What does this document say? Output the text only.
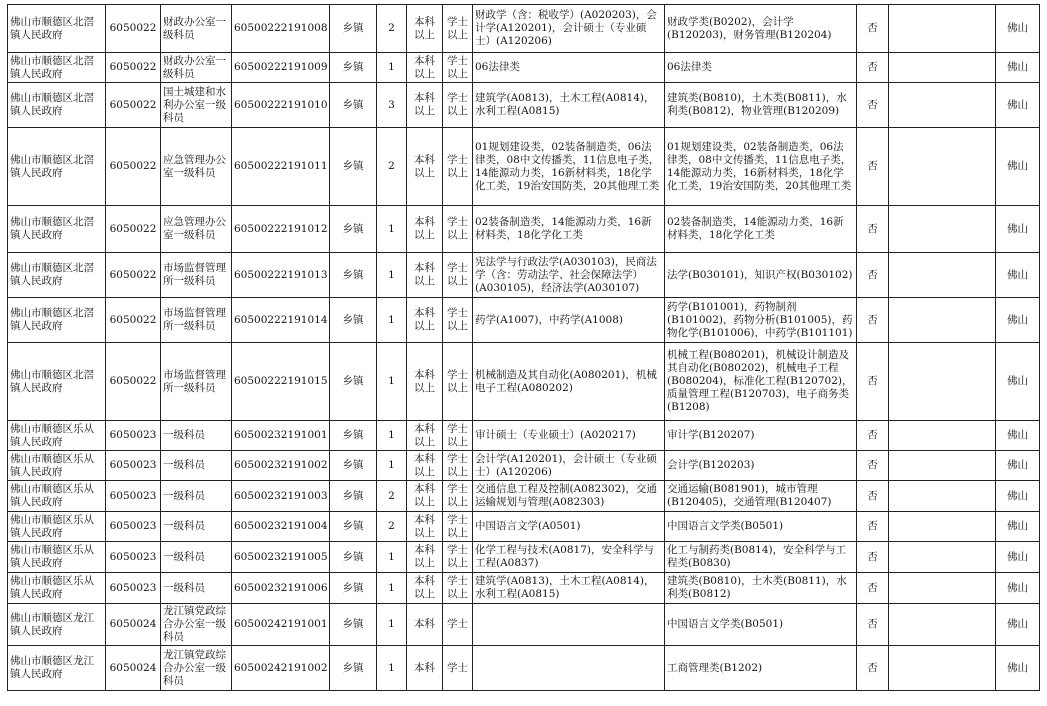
佛山市顺德区北滘镇人民政府	6050022	财政办公室一级科员	60500222191008	乡镇	2	本科以上	学士以上	财政学（含：税收学）(A020203)，会计学(A120201)，会计硕士（专业硕士）(A120206)	财政学类(B0202)，会计学(B120203)，财务管理(B120204)	否		佛山
佛山市顺德区北滘镇人民政府	6050022	财政办公室一级科员	60500222191009	乡镇	1	本科以上	学士以上	06法律类	06法律类	否		佛山
佛山市顺德区北滘镇人民政府	6050022	国土城建和水利办公室一级科员	60500222191010	乡镇	3	本科以上	学士以上	建筑学(A0813)，土木工程(A0814)，水利工程(A0815)	建筑类(B0810)，土木类(B0811)，水利类(B0812)，物业管理(B120209)	否		佛山
佛山市顺德区北滘镇人民政府	6050022	应急管理办公室一级科员	60500222191011	乡镇	2	本科以上	学士以上	01规划建设类，02装备制造类，06法律类，08中文传播类，11信息电子类，14能源动力类，16新材料类，18化学化工类，19治安国防类，20其他理工类	01规划建设类，02装备制造类，06法律类，08中文传播类，11信息电子类，14能源动力类，16新材料类，18化学化工类，19治安国防类，20其他理工类	否		佛山
佛山市顺德区北滘镇人民政府	6050022	应急管理办公室一级科员	60500222191012	乡镇	1	本科以上	学士以上	02装备制造类，14能源动力类，16新材料类，18化学化工类	02装备制造类，14能源动力类，16新材料类，18化学化工类	否		佛山
佛山市顺德区北滘镇人民政府	6050022	市场监督管理所一级科员	60500222191013	乡镇	1	本科以上	学士以上	宪法学与行政法学(A030103)，民商法学（含：劳动法学、社会保障法学）(A030105)，经济法学(A030107)	法学(B030101)，知识产权(B030102)	否		佛山
佛山市顺德区北滘镇人民政府	6050022	市场监督管理所一级科员	60500222191014	乡镇	1	本科以上	学士以上	药学(A1007)，中药学(A1008)	药学(B101001)，药物制剂(B101002)，药物分析(B101005)，药物化学(B101006)，中药学(B101101)	否		佛山
佛山市顺德区北滘镇人民政府	6050022	市场监督管理所一级科员	60500222191015	乡镇	1	本科以上	学士以上	机械制造及其自动化(A080201)，机械电子工程(A080202)	机械工程(B080201)，机械设计制造及其自动化(B080202)，机械电子工程(B080204)，标准化工程(B120702)，质量管理工程(B120703)，电子商务类(B1208)	否		佛山
佛山市顺德区乐从镇人民政府	6050023	一级科员	60500232191001	乡镇	1	本科以上	学士以上	审计硕士（专业硕士）(A020217)	审计学(B120207)	否		佛山
佛山市顺德区乐从镇人民政府	6050023	一级科员	60500232191002	乡镇	1	本科以上	学士以上	会计学(A120201)，会计硕士（专业硕士）(A120206)	会计学(B120203)	否		佛山
佛山市顺德区乐从镇人民政府	6050023	一级科员	60500232191003	乡镇	2	本科以上	学士以上	交通信息工程及控制(A082302)，交通运输规划与管理(A082303)	交通运输(B081901)，城市管理(B120405)，交通管理(B120407)	否		佛山
佛山市顺德区乐从镇人民政府	6050023	一级科员	60500232191004	乡镇	2	本科以上	学士以上	中国语言文学(A0501)	中国语言文学类(B0501)	否		佛山
佛山市顺德区乐从镇人民政府	6050023	一级科员	60500232191005	乡镇	1	本科以上	学士以上	化学工程与技术(A0817)，安全科学与工程(A0837)	化工与制药类(B0814)，安全科学与工程类(B0830)	否		佛山
佛山市顺德区乐从镇人民政府	6050023	一级科员	60500232191006	乡镇	1	本科以上	学士以上	建筑学(A0813)，土木工程(A0814)，水利工程(A0815)	建筑类(B0810)，土木类(B0811)，水利类(B0812)	否		佛山
佛山市顺德区龙江镇人民政府	6050024	龙江镇党政综合办公室一级科员	60500242191001	乡镇	1	本科	学士		中国语言文学类(B0501)	否		佛山
佛山市顺德区龙江镇人民政府	6050024	龙江镇党政综合办公室一级科员	60500242191002	乡镇	1	本科	学士		工商管理类(B1202)	否		佛山
